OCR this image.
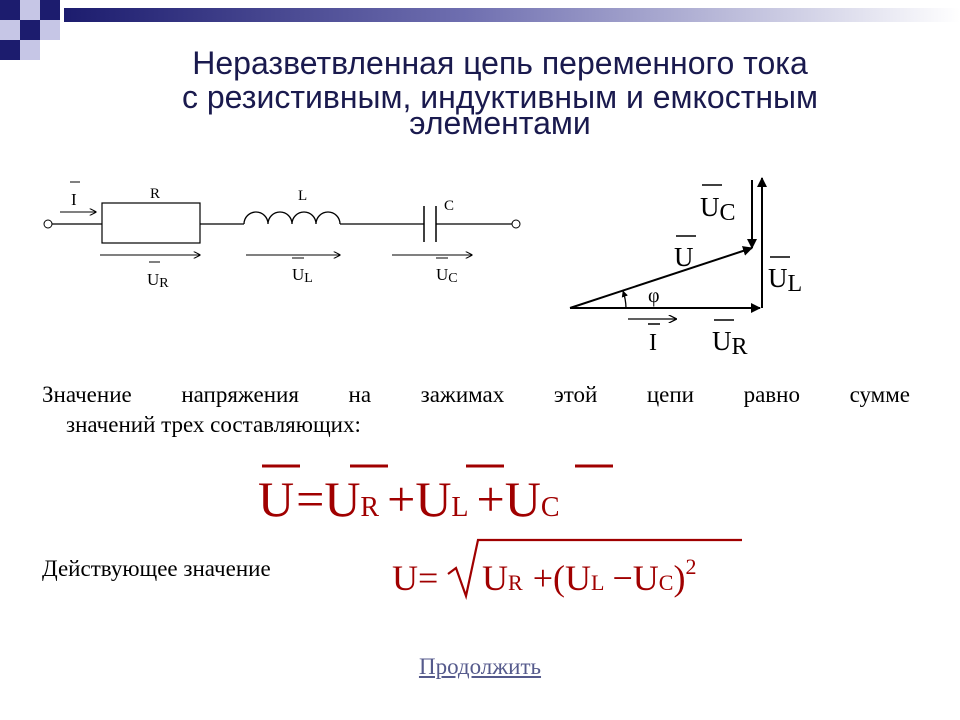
Неразветвленная цепь переменного тока
с резистивным, индуктивным и емкостным
элементами
I	R	L
C
UR	UL	UC
UC
U
UL
φ
I UR
U=UR +UL +UC
U= UR +(UL −UC)$^2$
Значение напряжения на зажимах этой цепи равно сумме
значений трех составляющих:
Действующее значение
Продолжить
